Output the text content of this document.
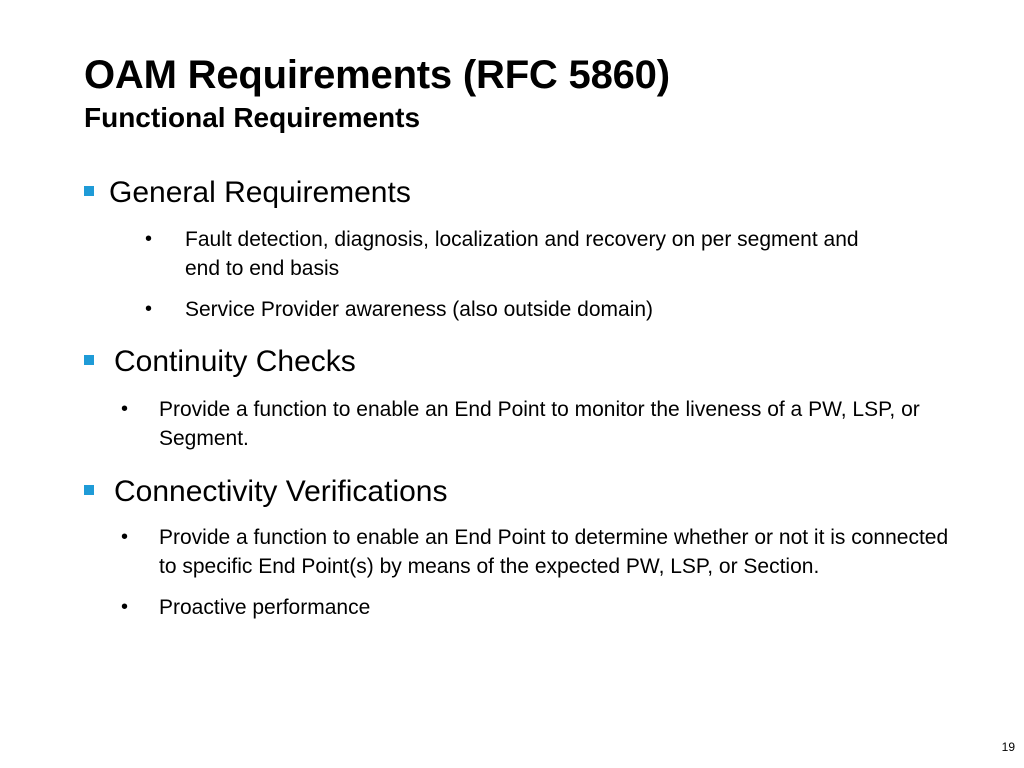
OAM Requirements (RFC 5860)
Functional Requirements
General Requirements
• Fault detection, diagnosis, localization and recovery on per segment and end to end basis
• Service Provider awareness (also outside domain)
Continuity Checks
• Provide a function to enable an End Point to monitor the liveness of a PW, LSP, or Segment.
Connectivity Verifications
• Provide a function to enable an End Point to determine whether or not it is connected to specific End Point(s) by means of the expected PW, LSP, or Section.
• Proactive performance
19
